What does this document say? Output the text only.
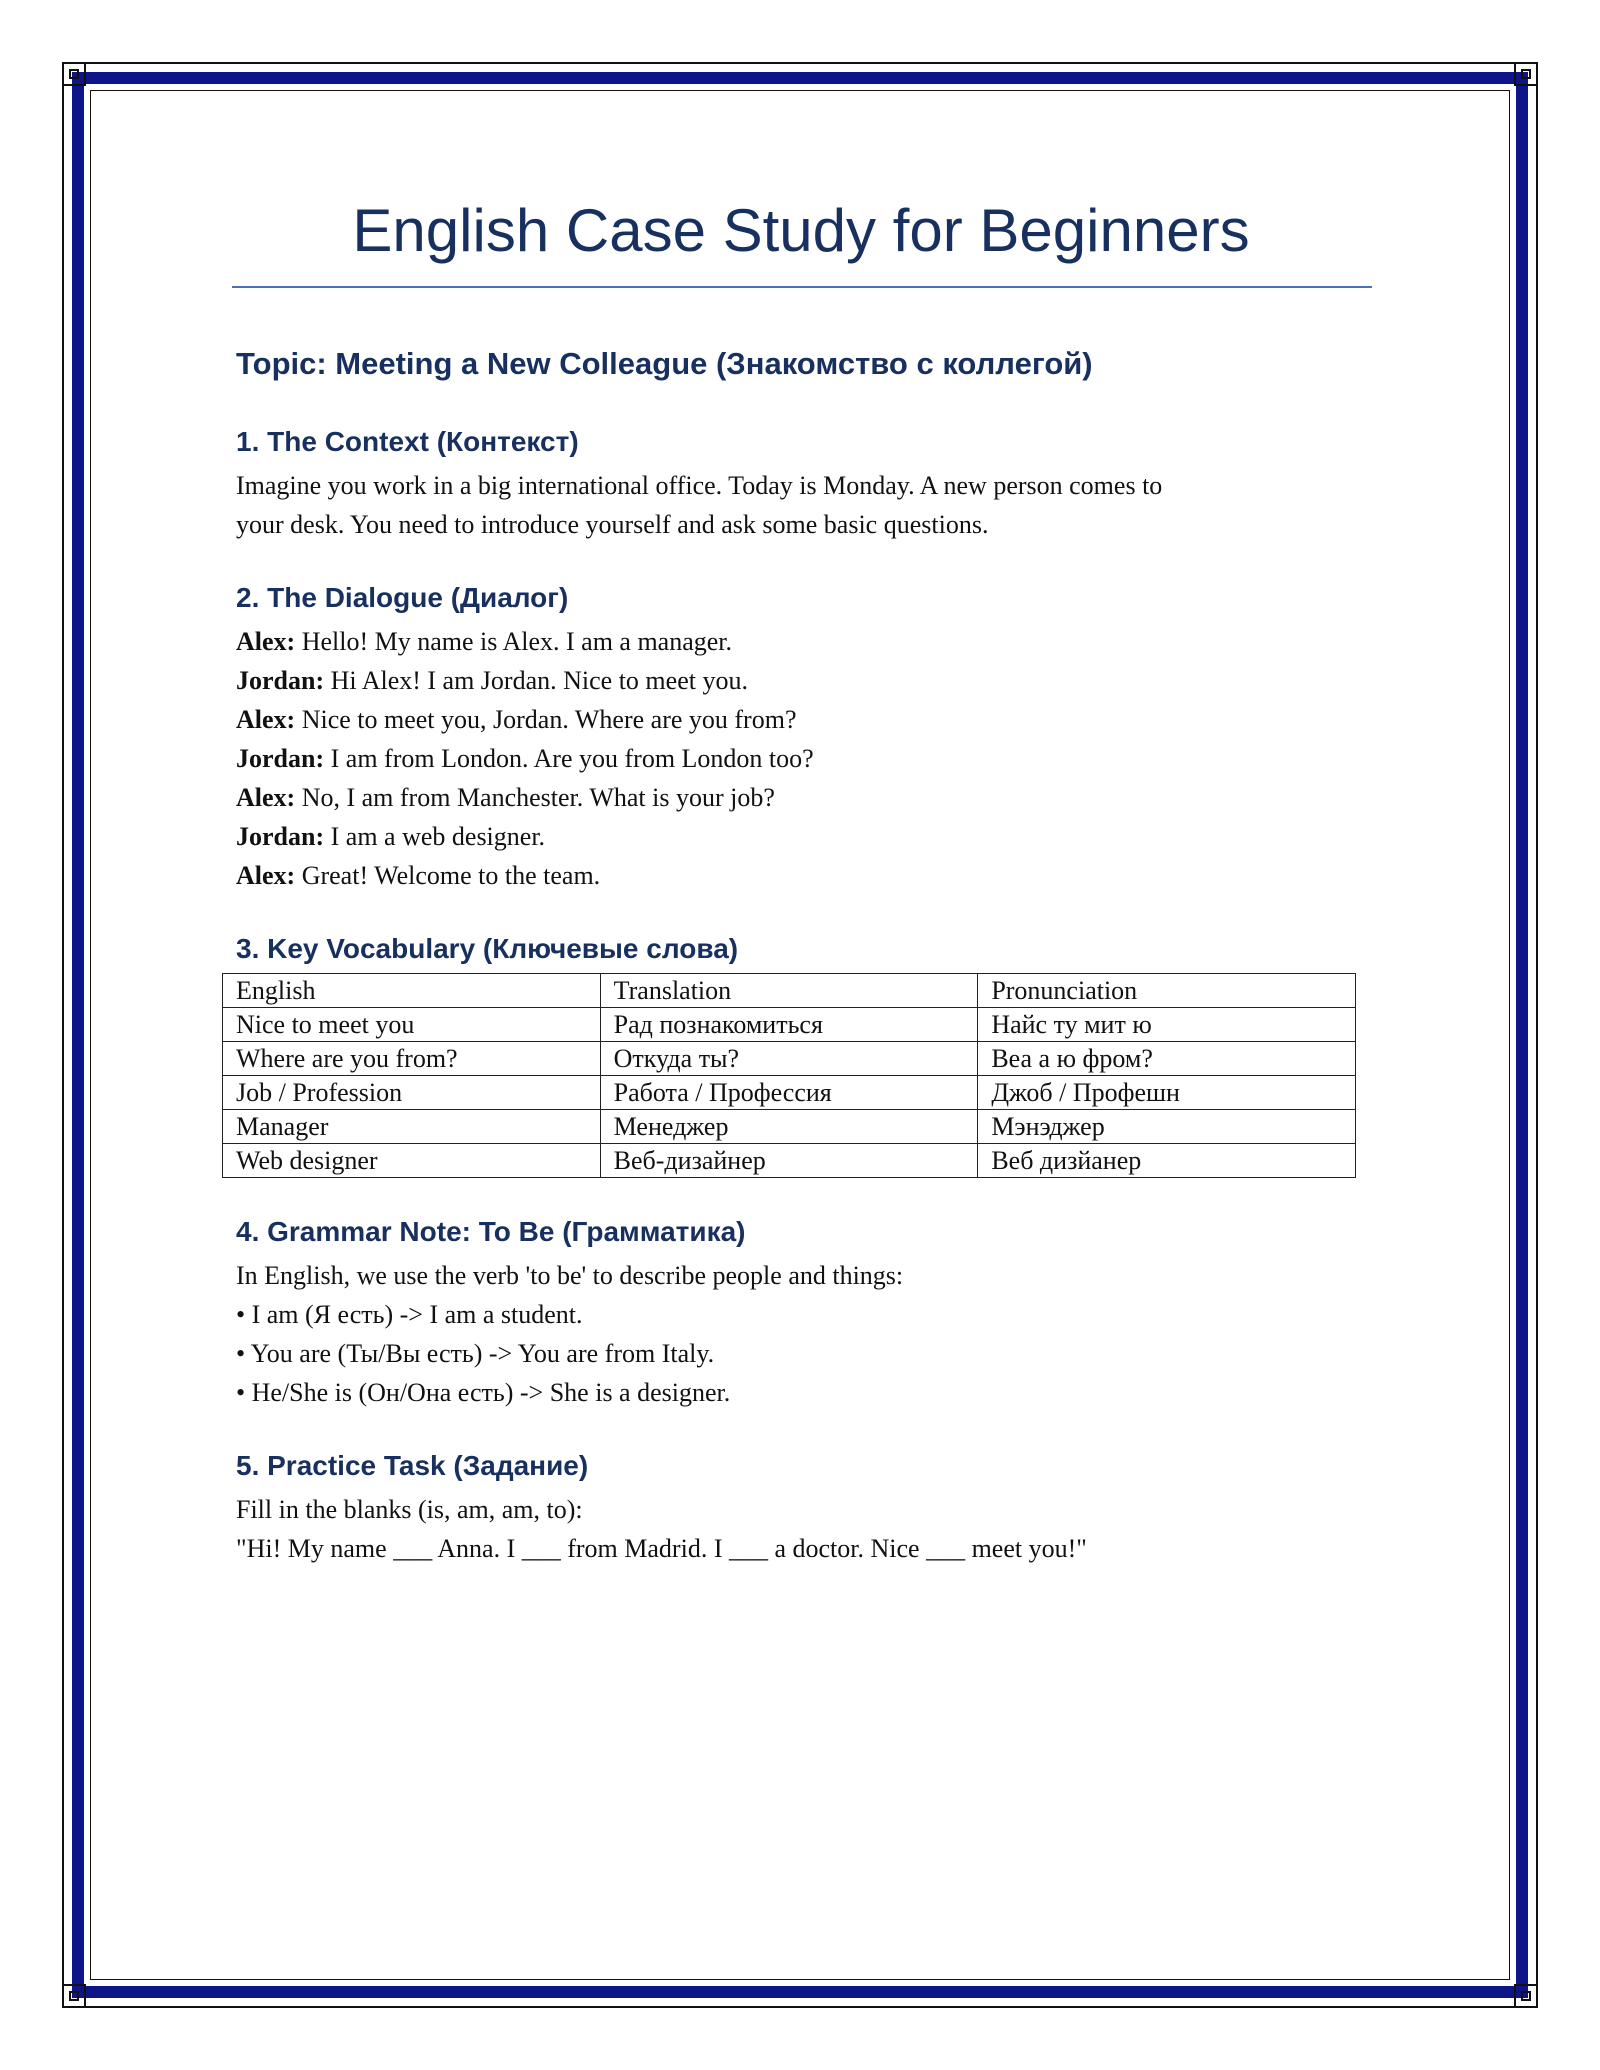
English Case Study for Beginners
Topic: Meeting a New Colleague (Знакомство с коллегой)
1. The Context (Контекст)

Imagine you work in a big international office. Today is Monday. A new person comes to

your desk. You need to introduce yourself and ask some basic questions.

2. The Dialogue (Диалог)

Alex: Hello! My name is Alex. I am a manager.

Jordan: Hi Alex! I am Jordan. Nice to meet you.

Alex: Nice to meet you, Jordan. Where are you from?

Jordan: I am from London. Are you from London too?

Alex: No, I am from Manchester. What is your job?

Jordan: I am a web designer.

Alex: Great! Welcome to the team.

3. Key Vocabulary (Ключевые слова)
English	Translation	Pronunciation
Nice to meet you	Рад познакомиться	Найс ту мит ю
Where are you from?	Откуда ты?	Веа а ю фром?
Job / Profession	Работа / Профессия	Джоб / Профешн
Manager	Менеджер	Мэнэджер
Web designer	Веб-дизайнер	Веб дизйанер
4. Grammar Note: To Be (Грамматика)

In English, we use the verb 'to be' to describe people and things:

• I am (Я есть) -> I am a student.

• You are (Ты/Вы есть) -> You are from Italy.

• He/She is (Он/Она есть) -> She is a designer.

5. Practice Task (Задание)

Fill in the blanks (is, am, am, to):

"Hi! My name ___ Anna. I ___ from Madrid. I ___ a doctor. Nice ___ meet you!"
